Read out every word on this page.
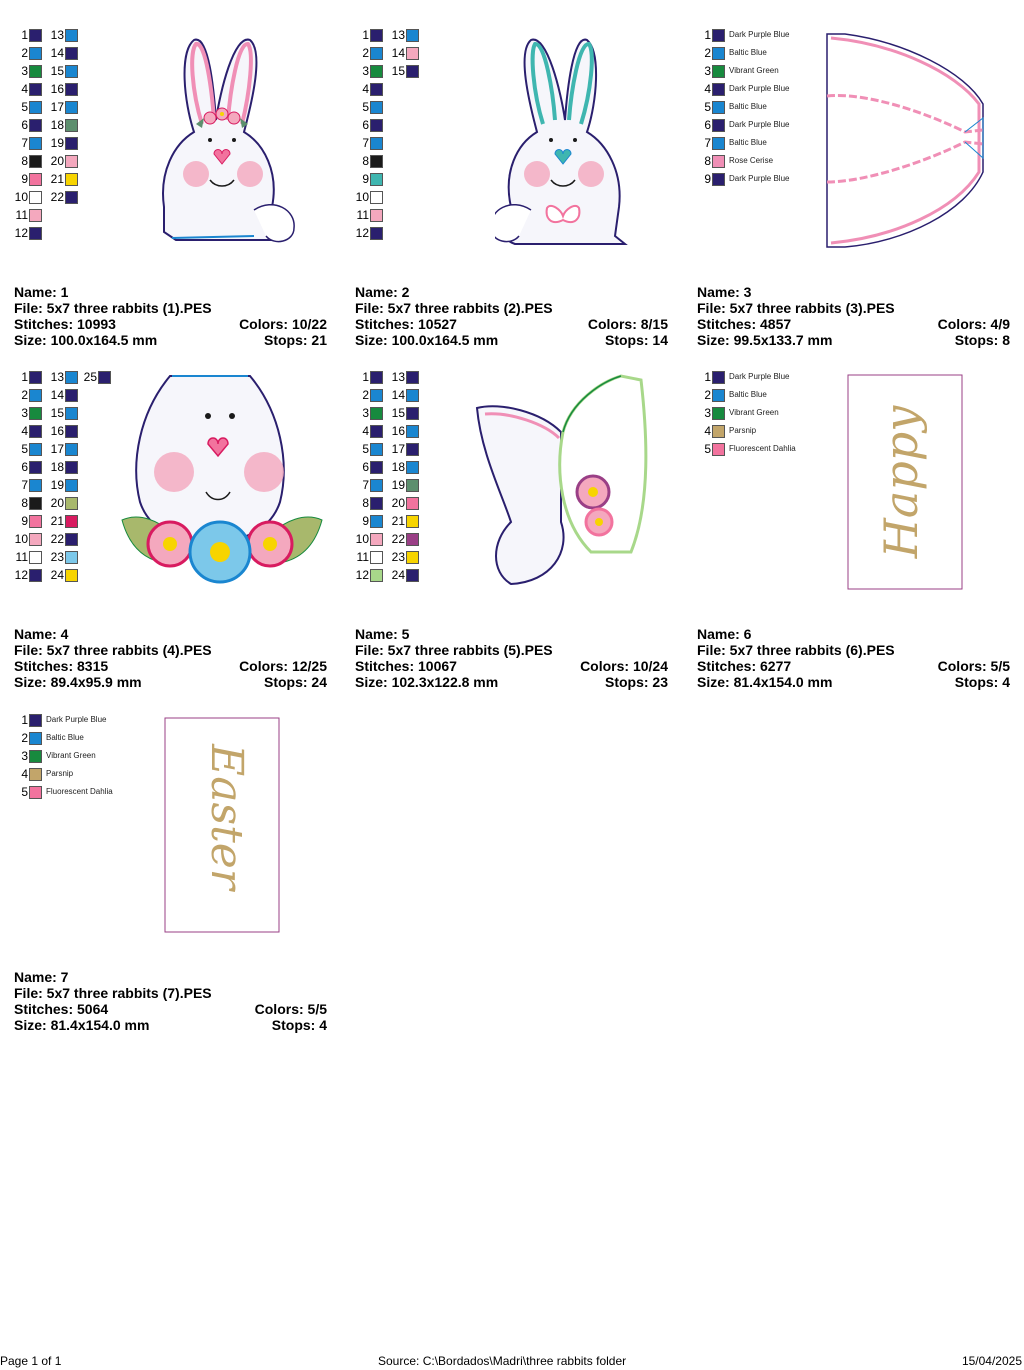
1
2
3
4
5
6
7
8
9
10
11
12
13
14
15
16
17
18
19
20
21
22
Name: 1
File: 5x7 three rabbits (1).PES
Stitches: 10993	Colors: 10/22
Size: 100.0x164.5 mm	Stops: 21
1
2
3
4
5
6
7
8
9
10
11
12
13
14
15
Name: 2
File: 5x7 three rabbits (2).PES
Stitches: 10527	Colors: 8/15
Size: 100.0x164.5 mm	Stops: 14
1 Dark Purple Blue
2 Baltic Blue
3 Vibrant Green
4 Dark Purple Blue
5 Baltic Blue
6 Dark Purple Blue
7 Baltic Blue
8 Rose Cerise
9 Dark Purple Blue
Name: 3
File: 5x7 three rabbits (3).PES
Stitches: 4857	Colors: 4/9
Size: 99.5x133.7 mm	Stops: 8
1
2
3
4
5
6
7
8
9
10
11
12
13
14
15
16
17
18
19
20
21
22
23
24
25
Name: 4
File: 5x7 three rabbits (4).PES
Stitches: 8315	Colors: 12/25
Size: 89.4x95.9 mm	Stops: 24
1
2
3
4
5
6
7
8
9
10
11
12
13
14
15
16
17
18
19
20
21
22
23
24
Name: 5
File: 5x7 three rabbits (5).PES
Stitches: 10067	Colors: 10/24
Size: 102.3x122.8 mm	Stops: 23
1 Dark Purple Blue
2 Baltic Blue
3 Vibrant Green
4 Parsnip
5 Fluorescent Dahlia Happy
Name: 6
File: 5x7 three rabbits (6).PES
Stitches: 6277	Colors: 5/5
Size: 81.4x154.0 mm	Stops: 4
1 Dark Purple Blue
2 Baltic Blue
3 Vibrant Green
4 Parsnip
5 Fluorescent Dahlia Easter
Name: 7
File: 5x7 three rabbits (7).PES
Stitches: 5064	Colors: 5/5
Size: 81.4x154.0 mm	Stops: 4
Page 1 of 1	Source: C:\Bordados\Madri\three rabbits folder	15/04/2025
